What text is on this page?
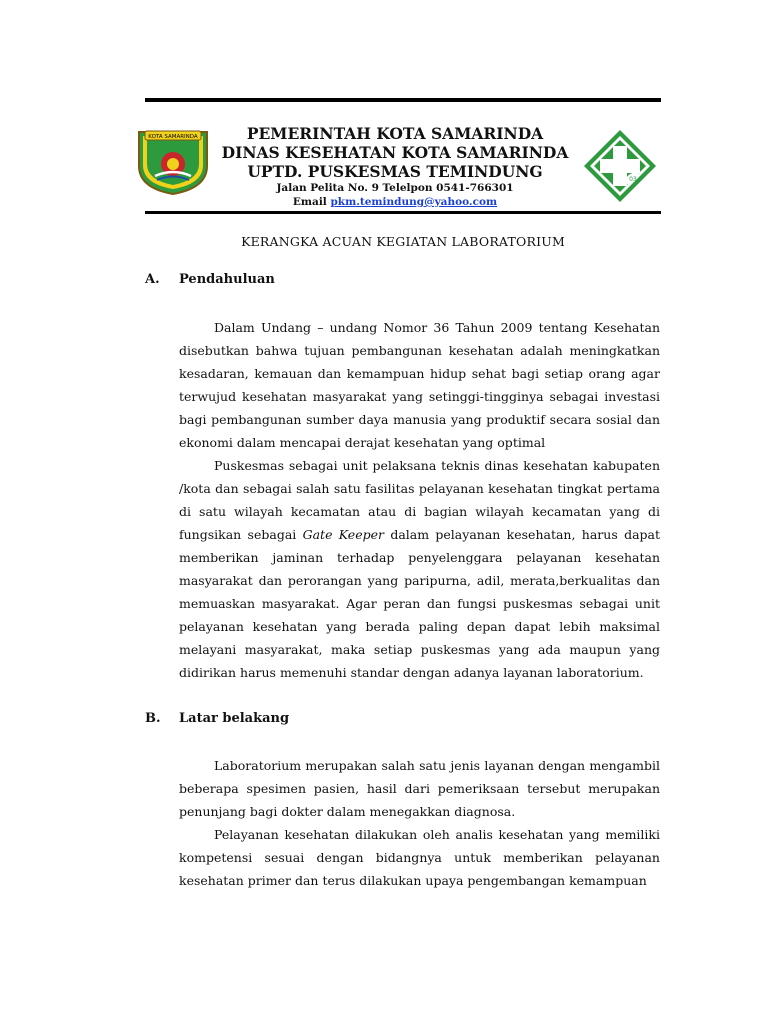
KOTA SAMARINDA	PEMERINTAH KOTA SAMARINDA
DINAS KESEHATAN KOTA SAMARINDA
UPTD. PUSKESMAS TEMINDUNG
Jalan Pelita No. 9 Telelpon 0541-766301
Email pkm.temindung@yahoo.com
03
KERANGKA ACUAN KEGIATAN LABORATORIUM
A. Pendahuluan
Dalam Undang – undang Nomor 36 Tahun 2009 tentang Kesehatan disebutkan bahwa tujuan pembangunan kesehatan adalah meningkatkan kesadaran, kemauan dan kemampuan hidup sehat bagi setiap orang agar terwujud kesehatan masyarakat yang setinggi-tingginya sebagai investasi bagi pembangunan sumber daya manusia yang produktif secara sosial dan ekonomi dalam mencapai derajat kesehatan yang optimal
Puskesmas sebagai unit pelaksana teknis dinas kesehatan kabupaten /kota dan sebagai salah satu fasilitas pelayanan kesehatan tingkat pertama di satu wilayah kecamatan atau di bagian wilayah kecamatan yang di fungsikan sebagai Gate Keeper dalam pelayanan kesehatan, harus dapat memberikan jaminan terhadap penyelenggara pelayanan kesehatan masyarakat dan perorangan yang paripurna, adil, merata,berkualitas dan memuaskan masyarakat. Agar peran dan fungsi puskesmas sebagai unit pelayanan kesehatan yang berada paling depan dapat lebih maksimal melayani masyarakat, maka setiap puskesmas yang ada maupun yang didirikan harus memenuhi standar dengan adanya layanan laboratorium.
B. Latar belakang
Laboratorium merupakan salah satu jenis layanan dengan mengambil beberapa spesimen pasien, hasil dari pemeriksaan tersebut merupakan penunjang bagi dokter dalam menegakkan diagnosa.
Pelayanan kesehatan dilakukan oleh analis kesehatan yang memiliki kompetensi sesuai dengan bidangnya untuk memberikan pelayanan kesehatan primer dan terus dilakukan upaya pengembangan kemampuan
